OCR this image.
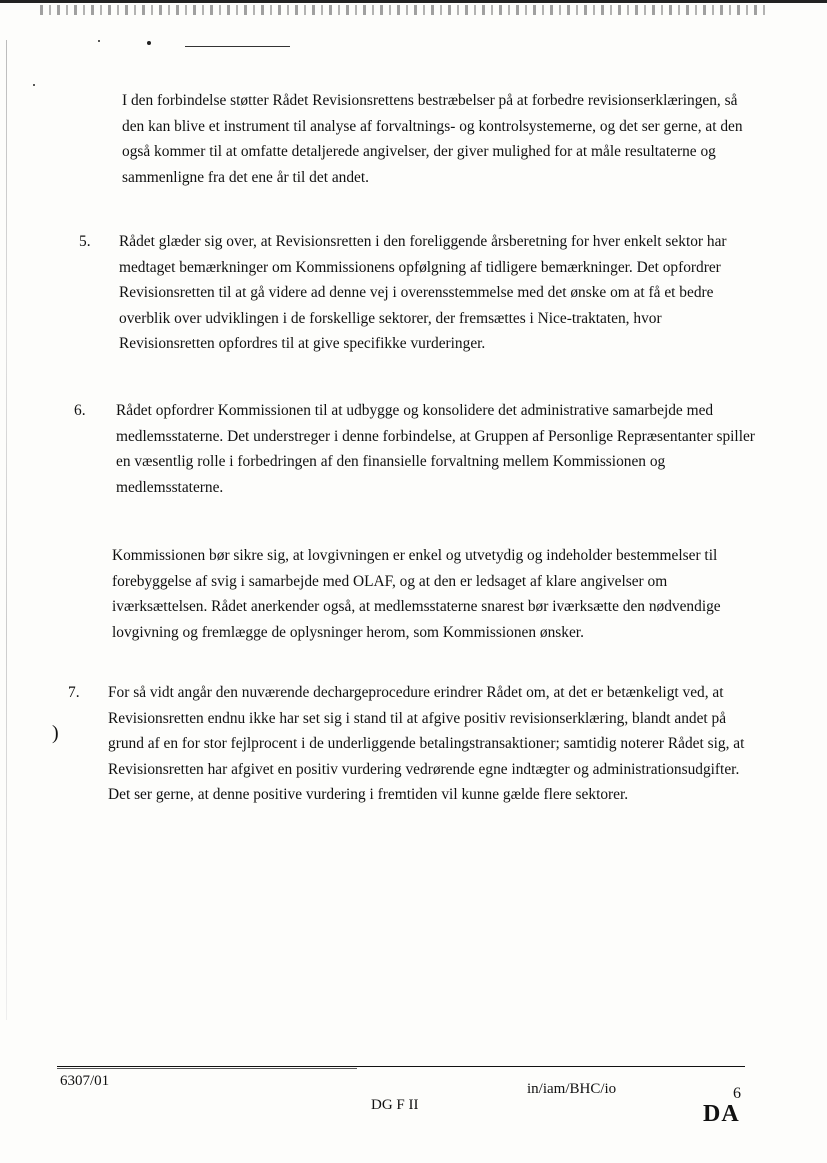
I den forbindelse støtter Rådet Revisionsrettens bestræbelser på at forbedre revisionserklæringen, så den kan blive et instrument til analyse af forvaltnings- og kontrolsystemerne, og det ser gerne, at den også kommer til at omfatte detaljerede angivelser, der giver mulighed for at måle resultaterne og sammenligne fra det ene år til det andet.

5. Rådet glæder sig over, at Revisionsretten i den foreliggende årsberetning for hver enkelt sektor har medtaget bemærkninger om Kommissionens opfølgning af tidligere bemærkninger. Det opfordrer Revisionsretten til at gå videre ad denne vej i overensstemmelse med det ønske om at få et bedre overblik over udviklingen i de forskellige sektorer, der fremsættes i Nice-traktaten, hvor Revisionsretten opfordres til at give specifikke vurderinger.

6. Rådet opfordrer Kommissionen til at udbygge og konsolidere det administrative samarbejde med medlemsstaterne. Det understreger i denne forbindelse, at Gruppen af Personlige Repræsentanter spiller en væsentlig rolle i forbedringen af den finansielle forvaltning mellem Kommissionen og medlemsstaterne.

Kommissionen bør sikre sig, at lovgivningen er enkel og utvetydig og indeholder bestemmelser til forebyggelse af svig i samarbejde med OLAF, og at den er ledsaget af klare angivelser om iværksættelsen. Rådet anerkender også, at medlemsstaterne snarest bør iværksætte den nødvendige lovgivning og fremlægge de oplysninger herom, som Kommissionen ønsker.

7. For så vidt angår den nuværende dechargeprocedure erindrer Rådet om, at det er betænkeligt ved, at Revisionsretten endnu ikke har set sig i stand til at afgive positiv revisionserklæring, blandt andet på grund af en for stor fejlprocent i de underliggende betalingstransaktioner; samtidig noterer Rådet sig, at Revisionsretten har afgivet en positiv vurdering vedrørende egne indtægter og administrationsudgifter. Det ser gerne, at denne positive vurdering i fremtiden vil kunne gælde flere sektorer.

)
6307/01
DG F II
in/iam/BHC/io	6
DA
